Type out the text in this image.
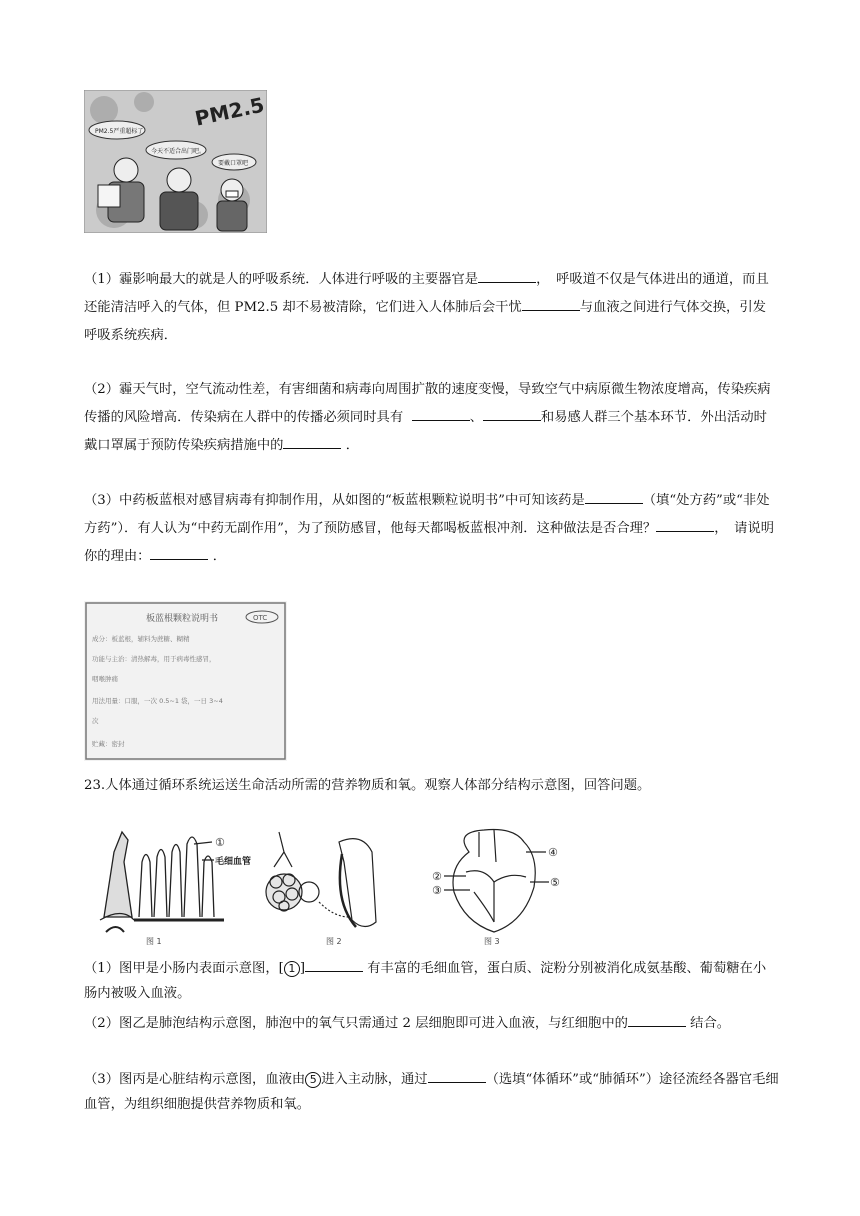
PM2.5
PM2.5严重超标了
今天不适合出门吧。
要戴口罩吧

（1）霾影响最大的就是人的呼吸系统．人体进行呼吸的主要器官是	，　呼吸道不仅是气体进出的通道，而且还能清洁呼入的气体，但 PM2.5 却不易被清除，它们进入人体肺后会干忧	与血液之间进行气体交换，引发呼吸系统疾病．

（2）霾天气时，空气流动性差，有害细菌和病毒向周围扩散的速度变慢，导致空气中病原微生物浓度增高，传染疾病传播的风险增高．传染病在人群中的传播必须同时具有	、	和易感人群三个基本环节．外出活动时戴口罩属于预防传染疾病措施中的	．

（3）中药板蓝根对感冒病毒有抑制作用，从如图的“板蓝根颗粒说明书”中可知该药是	（填“处方药”或“非处方药”）．有人认为“中药无副作用”，为了预防感冒，他每天都喝板蓝根冲剂．这种做法是否合理？	，　请说明你的理由：	．

板蓝根颗粒说明书	OTC
成分：板蓝根，辅料为蔗糖、糊精
功能与主治：清热解毒，用于病毒性感冒，
咽喉肿痛
用法用量：口服，一次 0.5~1 袋，一日 3~4
次
贮藏：密封

23.人体通过循环系统运送生命活动所需的营养物质和氧。观察人体部分结构示意图，回答问题。

①
毛细血管
图 1	图 2
②
③
④
⑤
图 3

（1）图甲是小肠内表面示意图，[ 1 ]	有丰富的毛细血管，蛋白质、淀粉分别被消化成氨基酸、葡萄糖在小肠内被吸入血液。

（2）图乙是肺泡结构示意图，肺泡中的氧气只需通过 2 层细胞即可进入血液，与红细胞中的	结合。

（3）图丙是心脏结构示意图，血液由 5 进入主动脉，通过	（选填“体循环”或“肺循环”）途径流经各器官毛细血管，为组织细胞提供营养物质和氧。
